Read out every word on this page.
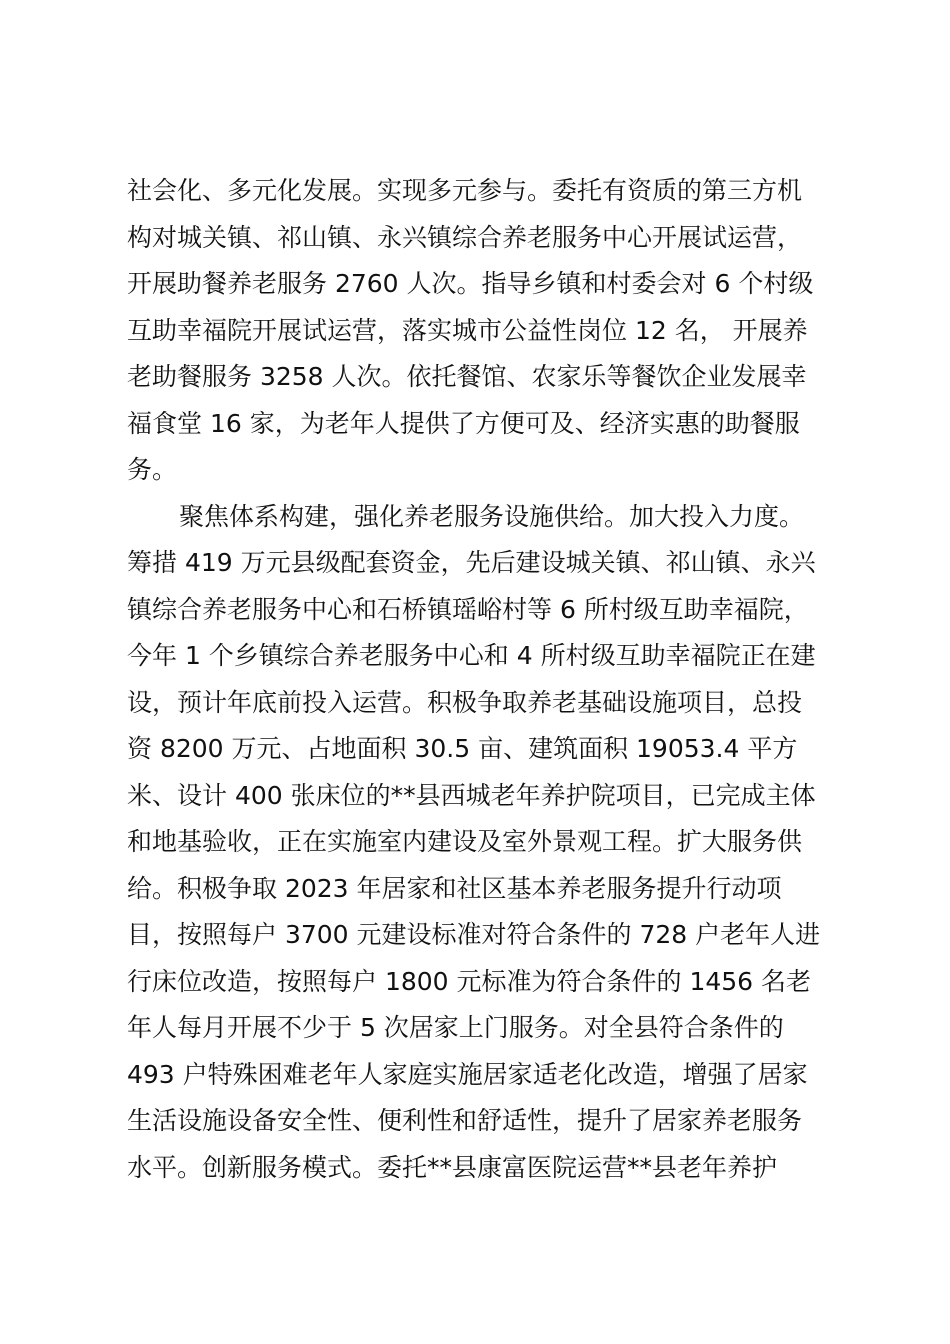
社会化、多元化发展。实现多元参与。委托有资质的第三方机
构对城关镇、祁山镇、永兴镇综合养老服务中心开展试运营，
开展助餐养老服务 2760 人次。指导乡镇和村委会对 6 个村级
互助幸福院开展试运营，落实城市公益性岗位 12 名， 开展养
老助餐服务 3258 人次。依托餐馆、农家乐等餐饮企业发展幸
福食堂 16 家，为老年人提供了方便可及、经济实惠的助餐服
务。
聚焦体系构建，强化养老服务设施供给。加大投入力度。
筹措 419 万元县级配套资金，先后建设城关镇、祁山镇、永兴
镇综合养老服务中心和石桥镇瑶峪村等 6 所村级互助幸福院，
今年 1 个乡镇综合养老服务中心和 4 所村级互助幸福院正在建
设，预计年底前投入运营。积极争取养老基础设施项目，总投
资 8200 万元、占地面积 30.5 亩、建筑面积 19053.4 平方
米、设计 400 张床位的**县西城老年养护院项目，已完成主体
和地基验收，正在实施室内建设及室外景观工程。扩大服务供
给。积极争取 2023 年居家和社区基本养老服务提升行动项
目，按照每户 3700 元建设标准对符合条件的 728 户老年人进
行床位改造，按照每户 1800 元标准为符合条件的 1456 名老
年人每月开展不少于 5 次居家上门服务。对全县符合条件的
493 户特殊困难老年人家庭实施居家适老化改造，增强了居家
生活设施设备安全性、便利性和舒适性，提升了居家养老服务
水平。创新服务模式。委托**县康富医院运营**县老年养护
